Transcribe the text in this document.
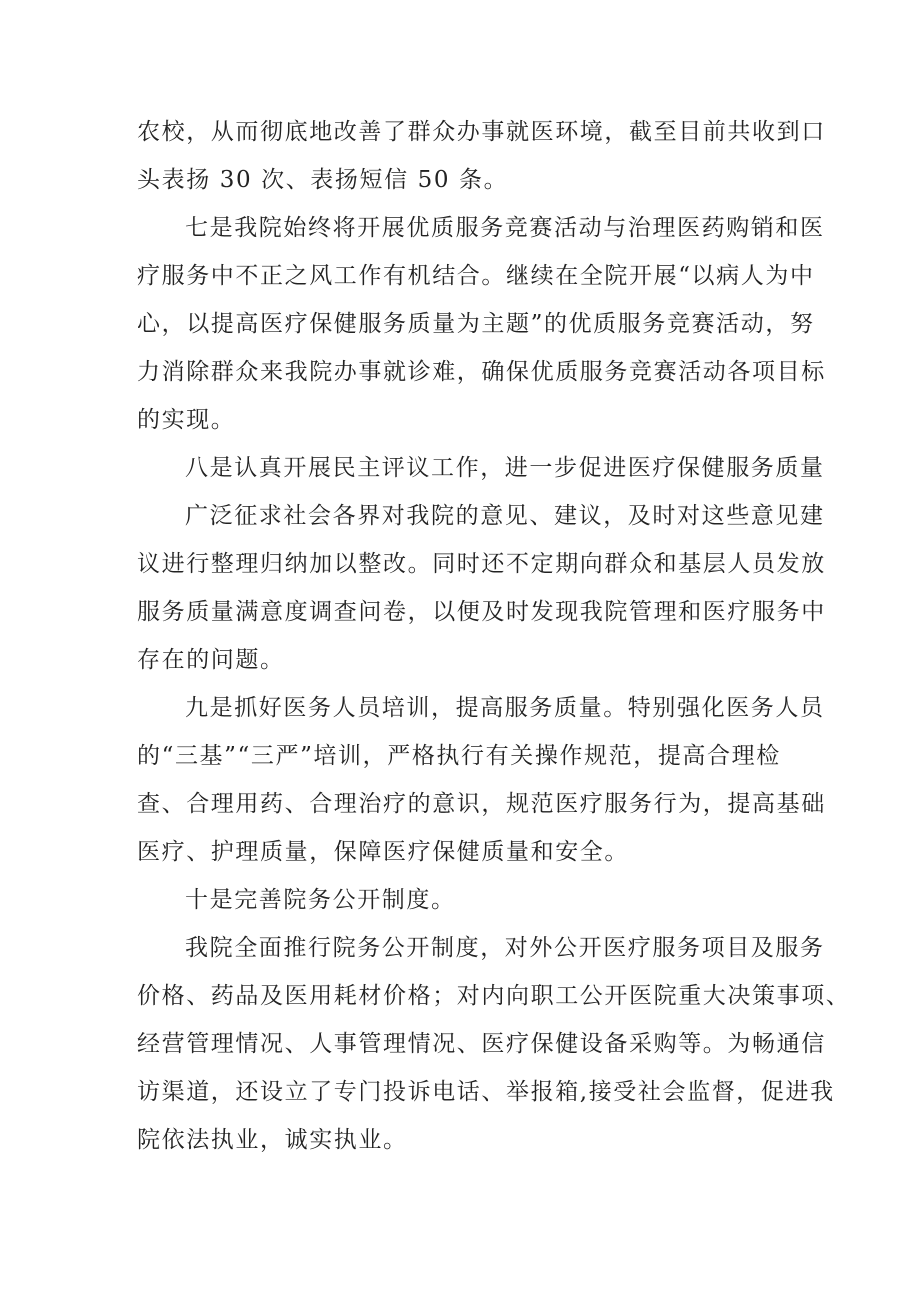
农校，从而彻底地改善了群众办事就医环境，截至目前共收到口
头表扬 30 次、表扬短信 50 条。
七是我院始终将开展优质服务竞赛活动与治理医药购销和医
疗服务中不正之风工作有机结合。继续在全院开展“以病人为中
心，以提高医疗保健服务质量为主题”的优质服务竞赛活动，努
力消除群众来我院办事就诊难，确保优质服务竞赛活动各项目标
的实现。
八是认真开展民主评议工作，进一步促进医疗保健服务质量
广泛征求社会各界对我院的意见、建议，及时对这些意见建
议进行整理归纳加以整改。同时还不定期向群众和基层人员发放
服务质量满意度调查问卷，以便及时发现我院管理和医疗服务中
存在的问题。
九是抓好医务人员培训，提高服务质量。特别强化医务人员
的“三基”“三严”培训，严格执行有关操作规范，提高合理检
查、合理用药、合理治疗的意识，规范医疗服务行为，提高基础
医疗、护理质量，保障医疗保健质量和安全。
十是完善院务公开制度。
我院全面推行院务公开制度，对外公开医疗服务项目及服务
价格、药品及医用耗材价格；对内向职工公开医院重大决策事项、
经营管理情况、人事管理情况、医疗保健设备采购等。为畅通信
访渠道，还设立了专门投诉电话、举报箱,接受社会监督，促进我
院依法执业，诚实执业。
